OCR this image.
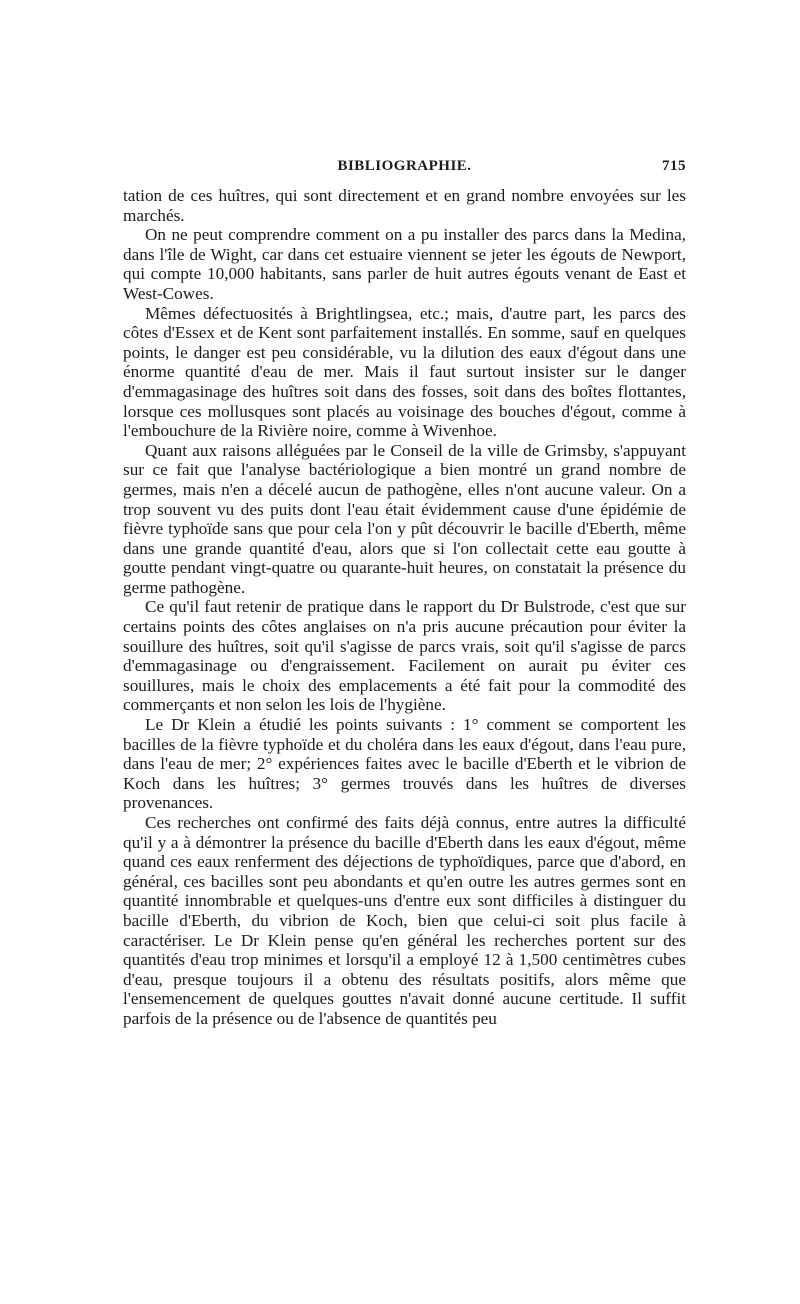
BIBLIOGRAPHIE.	715

tation de ces huîtres, qui sont directement et en grand nombre envoyées sur les marchés.

On ne peut comprendre comment on a pu installer des parcs dans la Medina, dans l'île de Wight, car dans cet estuaire viennent se jeter les égouts de Newport, qui compte 10,000 habitants, sans parler de huit autres égouts venant de East et West-Cowes.

Mêmes défectuosités à Brightlingsea, etc.; mais, d'autre part, les parcs des côtes d'Essex et de Kent sont parfaitement installés. En somme, sauf en quelques points, le danger est peu considérable, vu la dilution des eaux d'égout dans une énorme quantité d'eau de mer. Mais il faut surtout insister sur le danger d'emmagasinage des huîtres soit dans des fosses, soit dans des boîtes flottantes, lorsque ces mollusques sont placés au voisinage des bouches d'égout, comme à l'embouchure de la Rivière noire, comme à Wivenhoe.

Quant aux raisons alléguées par le Conseil de la ville de Grimsby, s'appuyant sur ce fait que l'analyse bactériologique a bien montré un grand nombre de germes, mais n'en a décelé aucun de pathogène, elles n'ont aucune valeur. On a trop souvent vu des puits dont l'eau était évidemment cause d'une épidémie de fièvre typhoïde sans que pour cela l'on y pût découvrir le bacille d'Eberth, même dans une grande quantité d'eau, alors que si l'on collectait cette eau goutte à goutte pendant vingt-quatre ou quarante-huit heures, on constatait la présence du germe pathogène.

Ce qu'il faut retenir de pratique dans le rapport du Dr Bulstrode, c'est que sur certains points des côtes anglaises on n'a pris aucune précaution pour éviter la souillure des huîtres, soit qu'il s'agisse de parcs vrais, soit qu'il s'agisse de parcs d'emmagasinage ou d'engraissement. Facilement on aurait pu éviter ces souillures, mais le choix des emplacements a été fait pour la commodité des commerçants et non selon les lois de l'hygiène.

Le Dr Klein a étudié les points suivants : 1° comment se comportent les bacilles de la fièvre typhoïde et du choléra dans les eaux d'égout, dans l'eau pure, dans l'eau de mer; 2° expériences faites avec le bacille d'Eberth et le vibrion de Koch dans les huîtres; 3° germes trouvés dans les huîtres de diverses provenances.

Ces recherches ont confirmé des faits déjà connus, entre autres la difficulté qu'il y a à démontrer la présence du bacille d'Eberth dans les eaux d'égout, même quand ces eaux renferment des déjections de typhoïdiques, parce que d'abord, en général, ces bacilles sont peu abondants et qu'en outre les autres germes sont en quantité innombrable et quelques-uns d'entre eux sont difficiles à distinguer du bacille d'Eberth, du vibrion de Koch, bien que celui-ci soit plus facile à caractériser. Le Dr Klein pense qu'en général les recherches portent sur des quantités d'eau trop minimes et lorsqu'il a employé 12 à 1,500 centimètres cubes d'eau, presque toujours il a obtenu des résultats positifs, alors même que l'ensemencement de quelques gouttes n'avait donné aucune certitude. Il suffit parfois de la présence ou de l'absence de quantités peu
